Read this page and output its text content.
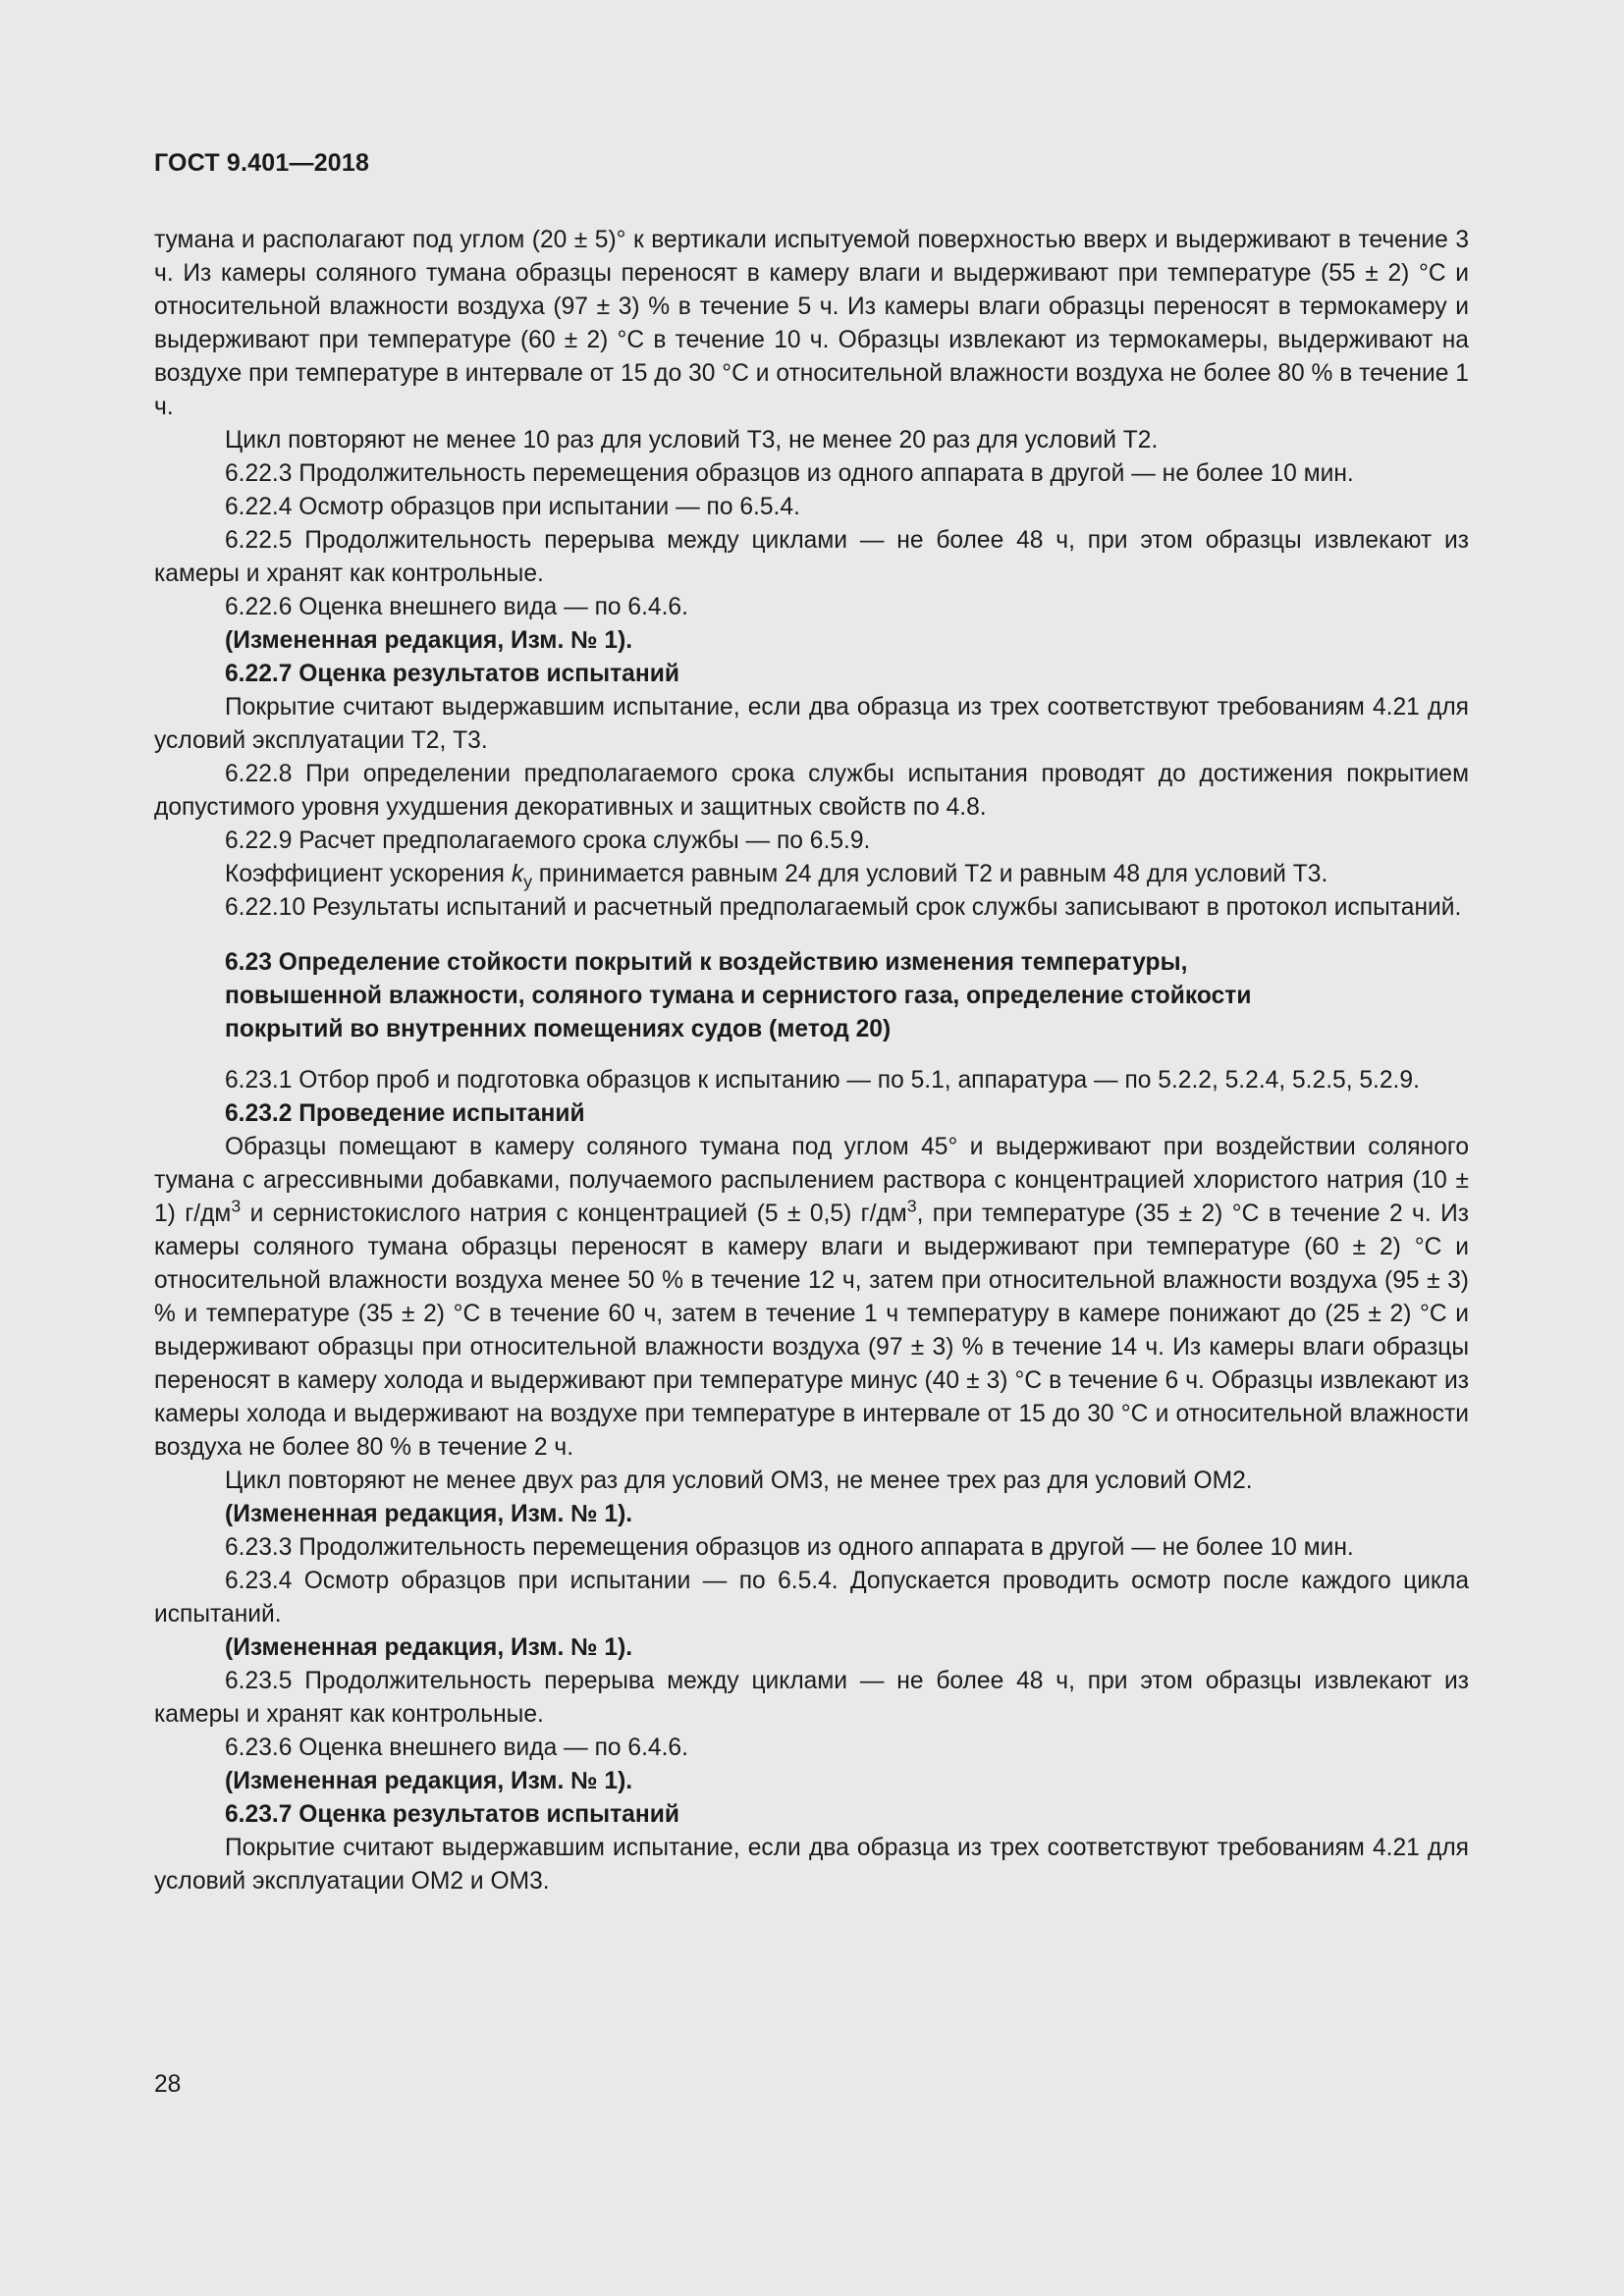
ГОСТ 9.401—2018

тумана и располагают под углом (20 ± 5)° к вертикали испытуемой поверхностью вверх и выдерживают в течение 3 ч. Из камеры соляного тумана образцы переносят в камеру влаги и выдерживают при температуре (55 ± 2) °C и относительной влажности воздуха (97 ± 3) % в течение 5 ч. Из камеры влаги образцы переносят в термокамеру и выдерживают при температуре (60 ± 2) °C в течение 10 ч. Образцы извлекают из термокамеры, выдерживают на воздухе при температуре в интервале от 15 до 30 °C и относительной влажности воздуха не более 80 % в течение 1 ч.

Цикл повторяют не менее 10 раз для условий Т3, не менее 20 раз для условий Т2.

6.22.3 Продолжительность перемещения образцов из одного аппарата в другой — не более 10 мин.

6.22.4 Осмотр образцов при испытании — по 6.5.4.

6.22.5 Продолжительность перерыва между циклами — не более 48 ч, при этом образцы извлекают из камеры и хранят как контрольные.

6.22.6 Оценка внешнего вида — по 6.4.6.

(Измененная редакция, Изм. № 1).

6.22.7 Оценка результатов испытаний

Покрытие считают выдержавшим испытание, если два образца из трех соответствуют требованиям 4.21 для условий эксплуатации Т2, Т3.

6.22.8 При определении предполагаемого срока службы испытания проводят до достижения покрытием допустимого уровня ухудшения декоративных и защитных свойств по 4.8.

6.22.9 Расчет предполагаемого срока службы — по 6.5.9.

Коэффициент ускорения $k_у$ принимается равным 24 для условий Т2 и равным 48 для условий Т3.

6.22.10 Результаты испытаний и расчетный предполагаемый срок службы записывают в протокол испытаний.

6.23 Определение стойкости покрытий к воздействию изменения температуры,
повышенной влажности, соляного тумана и сернистого газа, определение стойкости
покрытий во внутренних помещениях судов (метод 20)

6.23.1 Отбор проб и подготовка образцов к испытанию — по 5.1, аппаратура — по 5.2.2, 5.2.4, 5.2.5, 5.2.9.

6.23.2 Проведение испытаний

Образцы помещают в камеру соляного тумана под углом 45° и выдерживают при воздействии соляного тумана с агрессивными добавками, получаемого распылением раствора с концентрацией хлористого натрия (10 ± 1) $г/дм^3$ и сернистокислого натрия с концентрацией (5 ± 0,5) $г/дм^3$, при температуре (35 ± 2) °C в течение 2 ч. Из камеры соляного тумана образцы переносят в камеру влаги и выдерживают при температуре (60 ± 2) °C и относительной влажности воздуха менее 50 % в течение 12 ч, затем при относительной влажности воздуха (95 ± 3) % и температуре (35 ± 2) °C в течение 60 ч, затем в течение 1 ч температуру в камере понижают до (25 ± 2) °C и выдерживают образцы при относительной влажности воздуха (97 ± 3) % в течение 14 ч. Из камеры влаги образцы переносят в камеру холода и выдерживают при температуре минус (40 ± 3) °C в течение 6 ч. Образцы извлекают из камеры холода и выдерживают на воздухе при температуре в интервале от 15 до 30 °C и относительной влажности воздуха не более 80 % в течение 2 ч.

Цикл повторяют не менее двух раз для условий ОМ3, не менее трех раз для условий ОМ2.

(Измененная редакция, Изм. № 1).

6.23.3 Продолжительность перемещения образцов из одного аппарата в другой — не более 10 мин.

6.23.4 Осмотр образцов при испытании — по 6.5.4. Допускается проводить осмотр после каждого цикла испытаний.

(Измененная редакция, Изм. № 1).

6.23.5 Продолжительность перерыва между циклами — не более 48 ч, при этом образцы извлекают из камеры и хранят как контрольные.

6.23.6 Оценка внешнего вида — по 6.4.6.

(Измененная редакция, Изм. № 1).

6.23.7 Оценка результатов испытаний

Покрытие считают выдержавшим испытание, если два образца из трех соответствуют требованиям 4.21 для условий эксплуатации ОМ2 и ОМ3.

28
